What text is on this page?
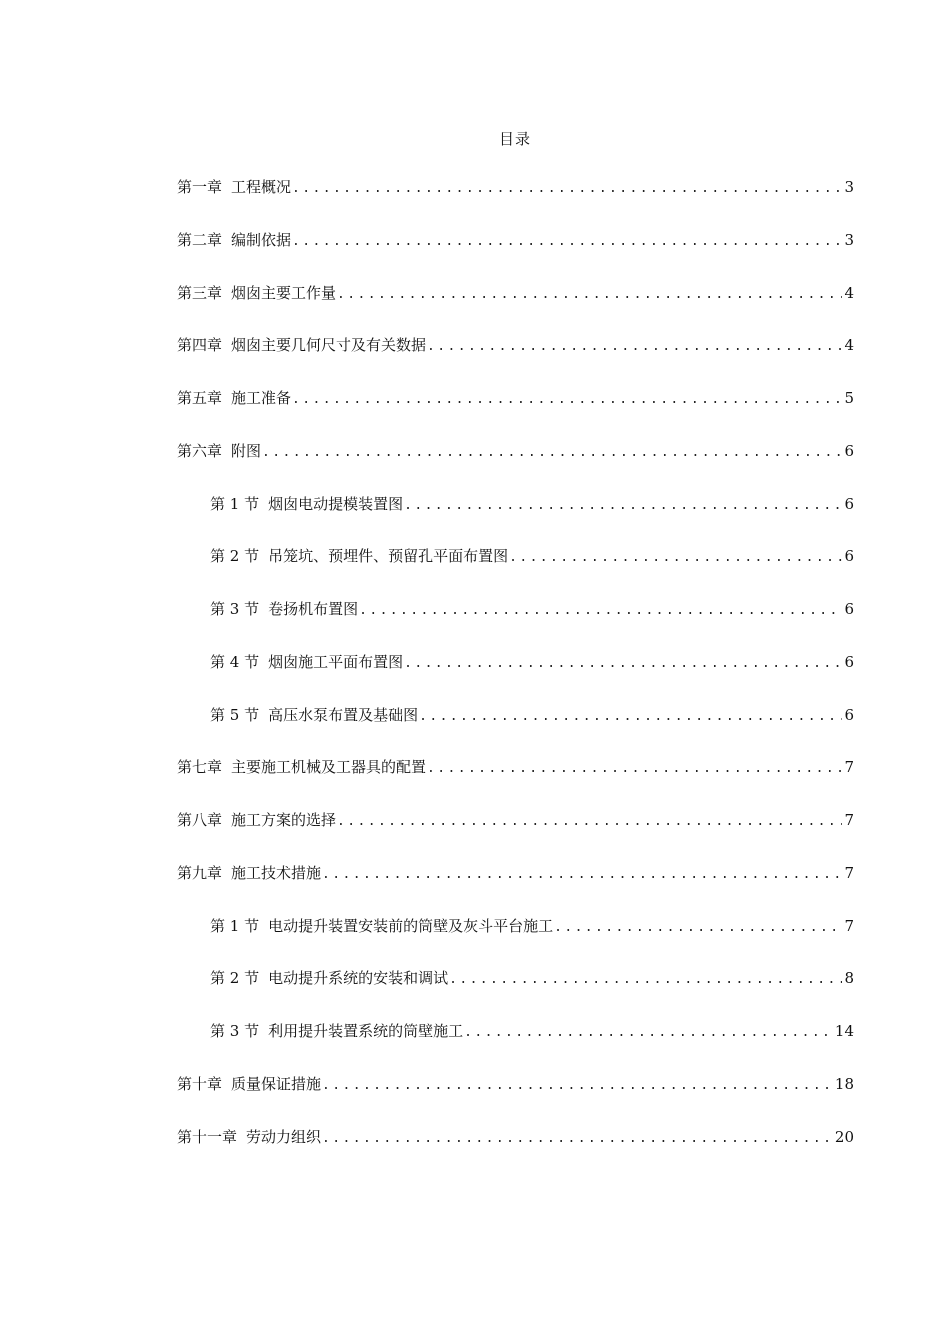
目录
第一章 工程概况 .....	3
第二章 编制依据 .....	3
第三章 烟囱主要工作量 .....	4
第四章 烟囱主要几何尺寸及有关数据 .....	4
第五章 施工准备 .....	5
第六章 附图 .....	6
第 1 节 烟囱电动提模装置图 .....	6
第 2 节 吊笼坑、预埋件、预留孔平面布置图 .....	6
第 3 节 卷扬机布置图 .....	6
第 4 节 烟囱施工平面布置图 .....	6
第 5 节 高压水泵布置及基础图 .....	6
第七章 主要施工机械及工器具的配置 .....	7
第八章 施工方案的选择 .....	7
第九章 施工技术措施 .....	7
第 1 节 电动提升装置安装前的筒壁及灰斗平台施工 .....	7
第 2 节 电动提升系统的安装和调试 .....	8
第 3 节 利用提升装置系统的筒壁施工 .....	14
第十章 质量保证措施 .....	18
第十一章 劳动力组织 .....	20
